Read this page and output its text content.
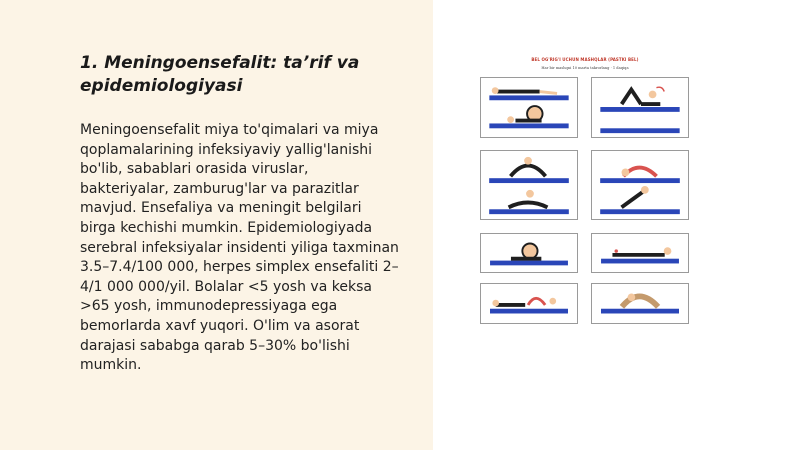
1. Meningoensefalit: ta’rif va epidemiologiyasi

Meningoensefalit miya to'qimalari va miya qoplamalarining infeksiyaviy yallig'lanishi bo'lib, sabablari orasida viruslar, bakteriyalar, zamburug'lar va parazitlar mavjud. Ensefaliya va meningit belgilari birga kechishi mumkin. Epidemiologiyada serebral infeksiyalar insidenti yiliga taxminan 3.5–7.4/100 000, herpes simplex ensefaliti 2–4/1 000 000/yil. Bolalar <5 yosh va keksa >65 yosh, immunodepressiyaga ega bemorlarda xavf yuqori. O'lim va asorat darajasi sababga qarab 5–30% bo'lishi mumkin.

BEL OG'RIG'I UCHUN MASHQLAR (PASTKI BEL)
Har bir mashqni 10 marta takrorlang · 1 daqiqa
